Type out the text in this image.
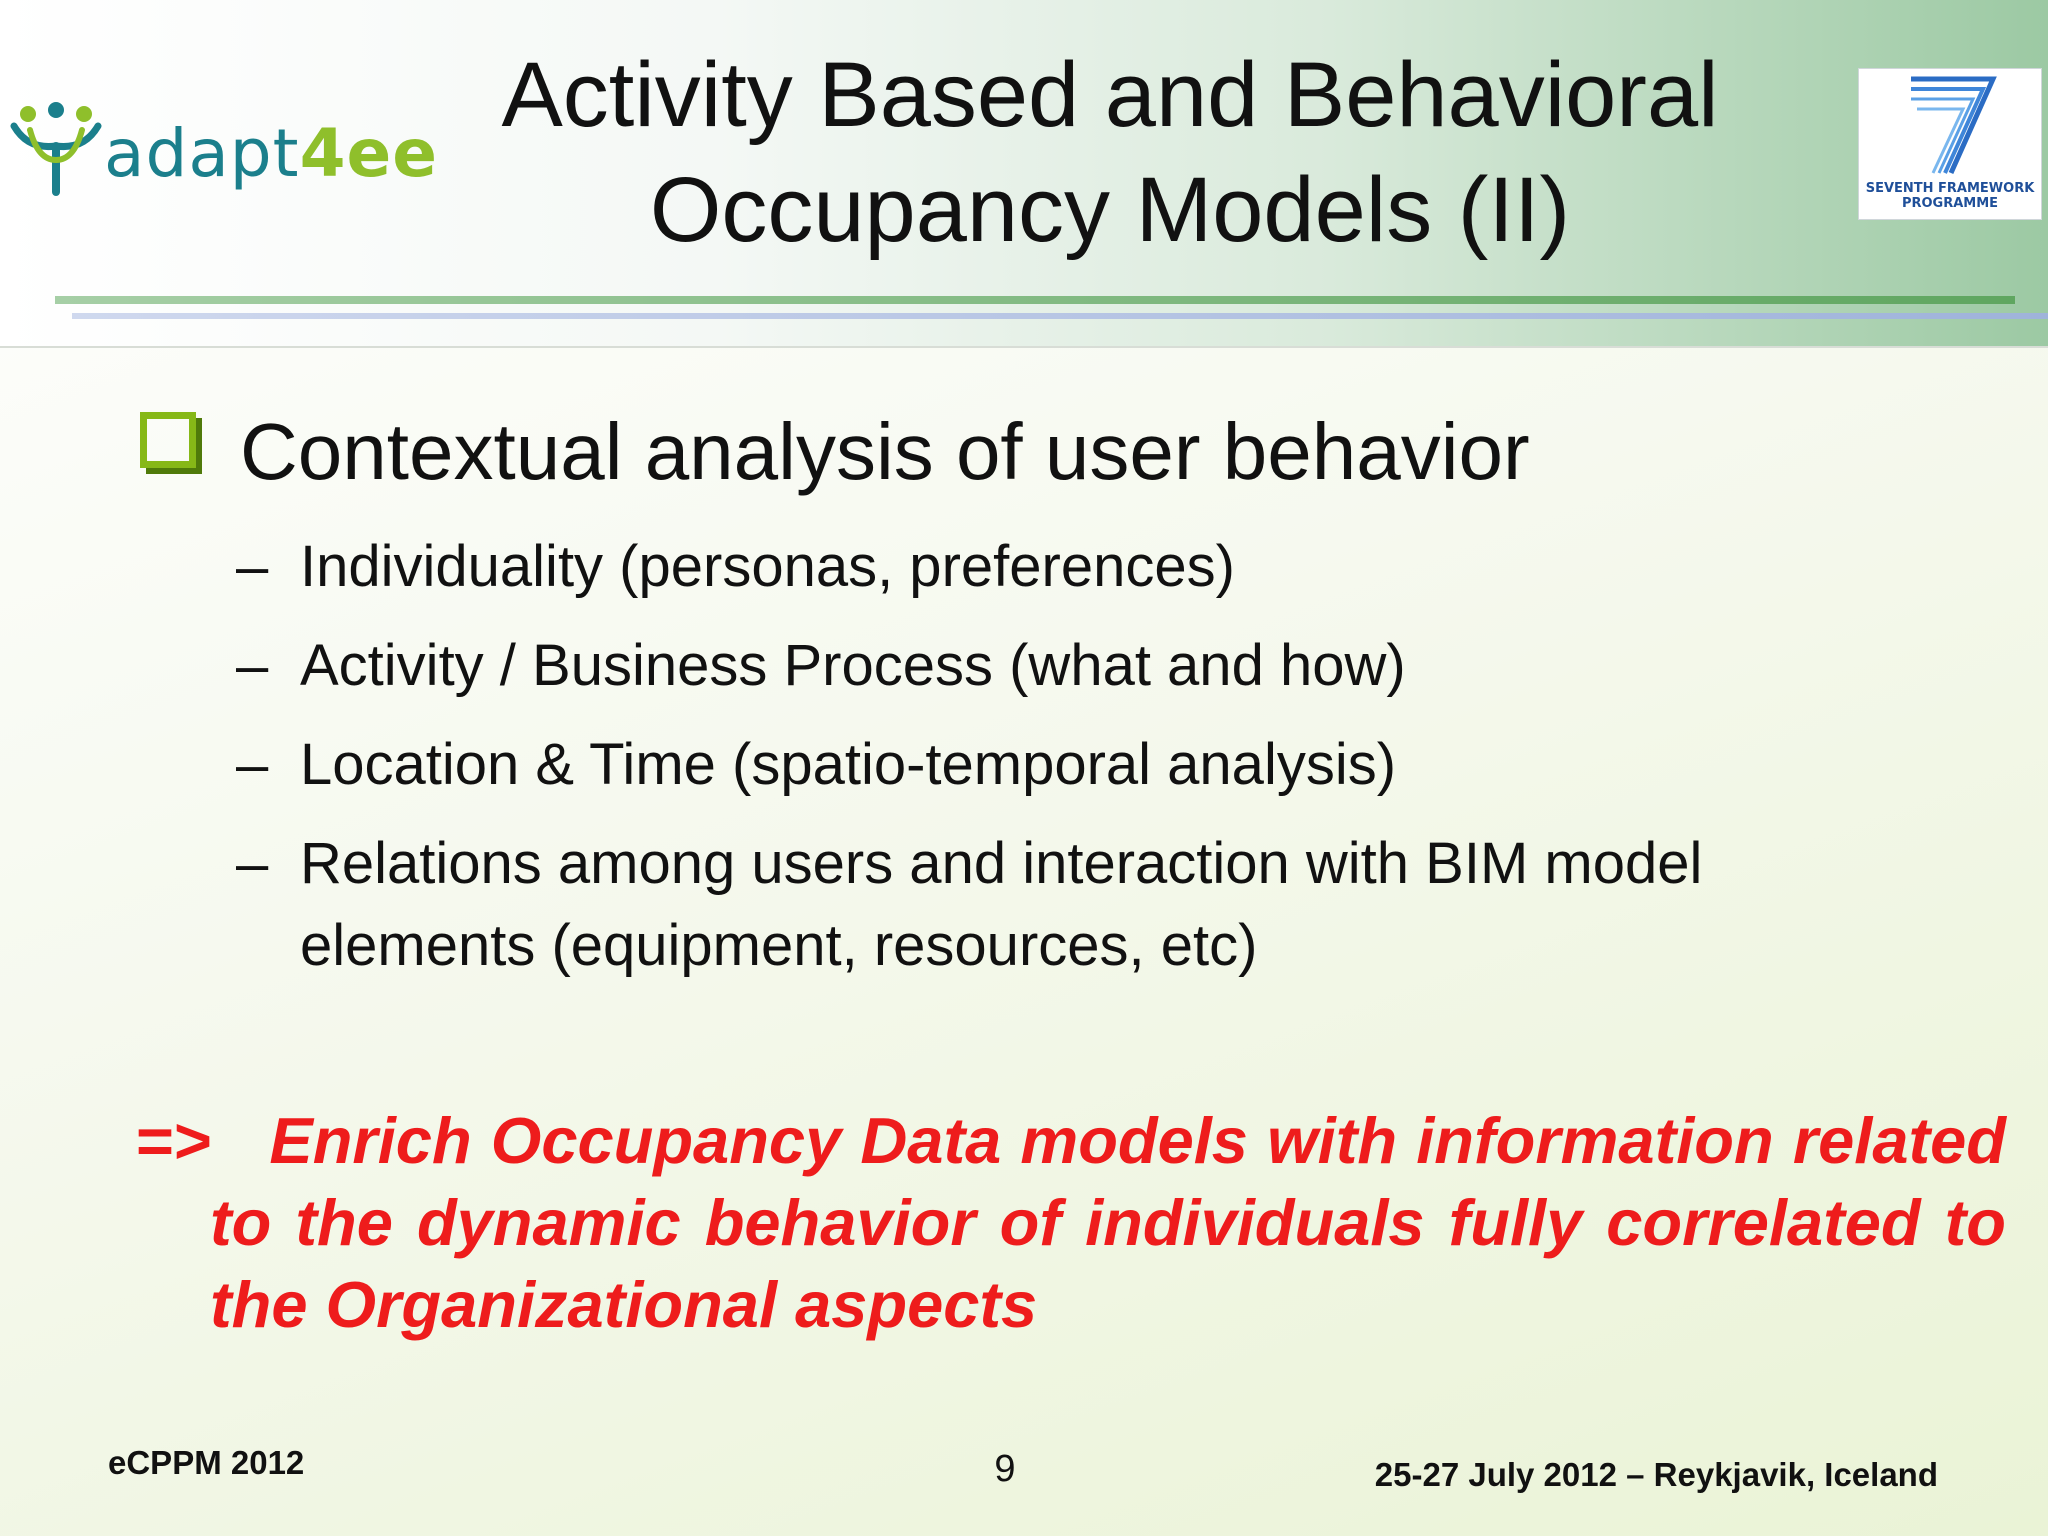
adapt4ee
Activity Based and Behavioral
Occupancy Models (II)	SEVENTH FRAMEWORK
PROGRAMME
Contextual analysis of user behavior
– Individuality (personas, preferences)
– Activity / Business Process (what and how)
– Location & Time (spatio-temporal analysis)
– Relations among users and interaction with BIM model elements (equipment, resources, etc)
=> Enrich Occupancy Data models with information related to the dynamic behavior of individuals fully correlated to the Organizational aspects
eCPPM 2012	9	25-27 July 2012 – Reykjavik, Iceland
